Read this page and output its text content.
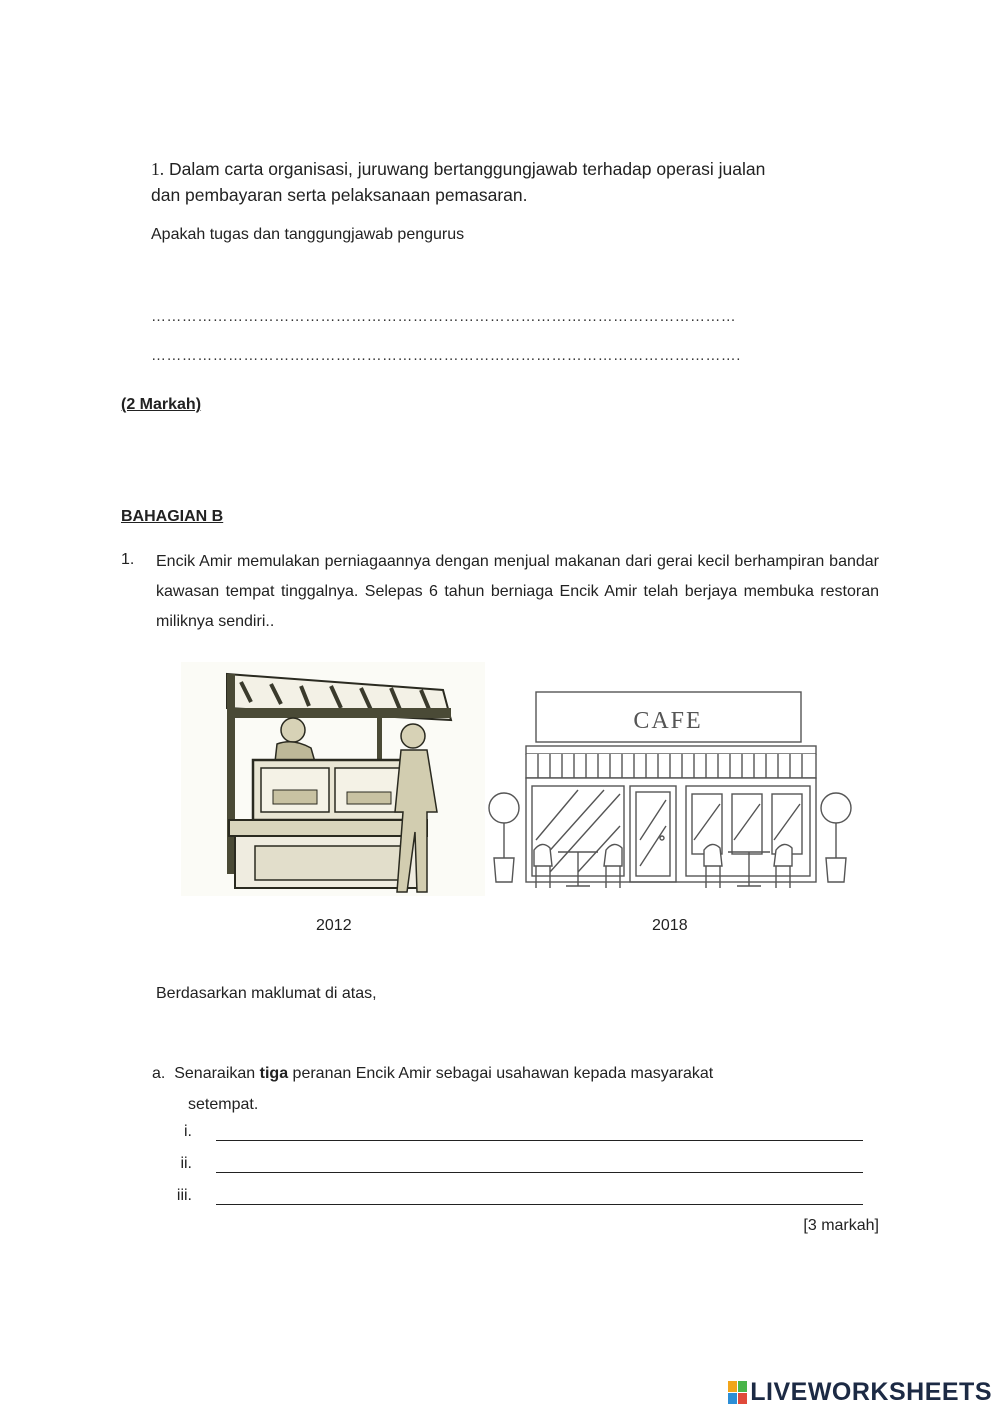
1. Dalam carta organisasi, juruwang bertanggungjawab terhadap operasi jualan dan pembayaran serta pelaksanaan pemasaran.
Apakah tugas dan tanggungjawab pengurus
……………………………………………………………………………………………………
…………………………………………………………………………………………………….
(2 Markah)
BAHAGIAN B
1. Encik Amir memulakan perniagaannya dengan menjual makanan dari gerai kecil berhampiran bandar kawasan tempat tinggalnya. Selepas 6 tahun berniaga Encik Amir telah berjaya membuka restoran miliknya sendiri..
CAFE
2012	2018
Berdasarkan maklumat di atas,
a. Senaraikan tiga peranan Encik Amir sebagai usahawan kepada masyarakat
setempat.
i.
ii.
iii.
[3 markah]
LIVEWORKSHEETS
